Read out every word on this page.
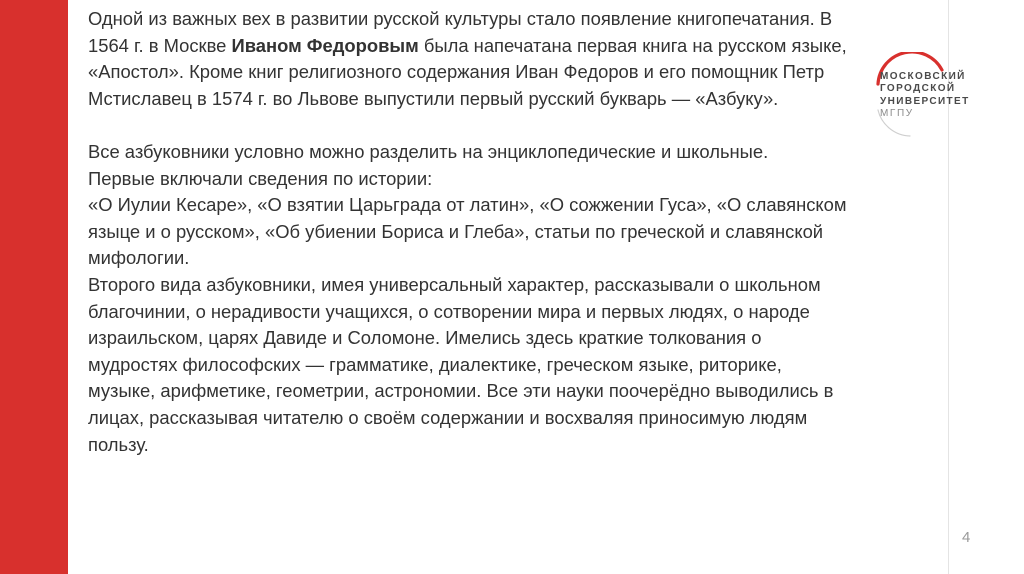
Одной из важных вех в развитии русской культуры стало появление книгопечатания. В 1564 г. в Москве Иваном Федоровым была напечатана первая книга на русском языке, «Апостол». Кроме книг религиозного содержания Иван Федоров и его помощник Петр Мстиславец в 1574 г. во Львове выпустили первый русский букварь — «Азбуку».

Все азбуковники условно можно разделить на энциклопедические и школьные.

Первые включали сведения по истории:

«О Иулии Кесаре», «О взятии Царьграда от латин», «О сожжении Гуса», «О славянском языце и о русском», «Об убиении Бориса и Глеба», статьи по греческой и славянской мифологии.

Второго вида азбуковники, имея универсальный характер, рассказывали о школьном благочинии, о нерадивости учащихся, о сотворении мира и первых людях, о народе израильском, царях Давиде и Соломоне. Имелись здесь краткие толкования о мудростях философских — грамматике, диалектике, греческом языке, риторике, музыке, арифметике, геометрии, астрономии. Все эти науки поочерёдно выводились в лицах, рассказывая читателю о своём содержании и восхваляя приносимую людям пользу.

МОСКОВСКИЙ
ГОРОДСКОЙ
УНИВЕРСИТЕТ
МГПУ
4
